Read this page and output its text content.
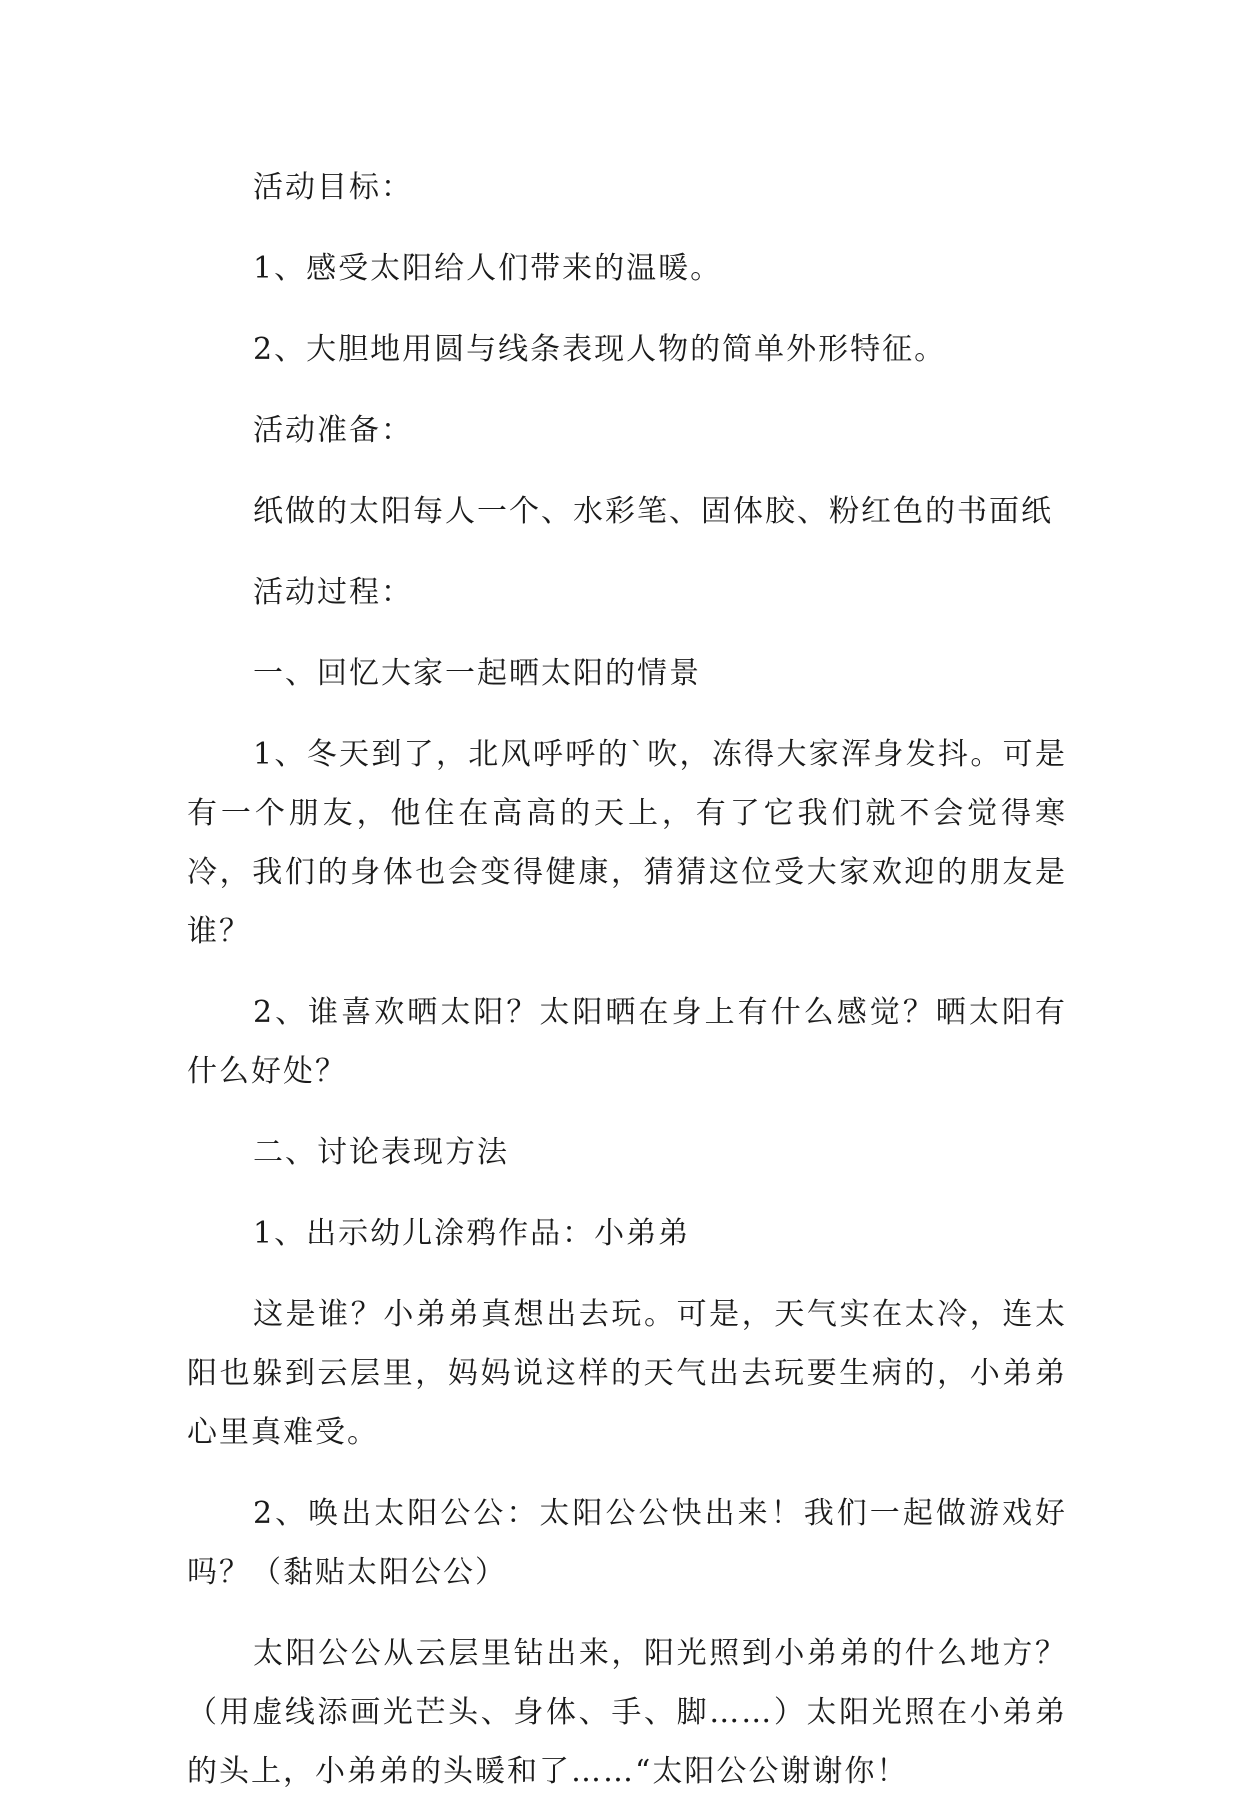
活动目标：

1、感受太阳给人们带来的温暖。

2、大胆地用圆与线条表现人物的简单外形特征。

活动准备：

纸做的太阳每人一个、水彩笔、固体胶、粉红色的书面纸

活动过程：

一、回忆大家一起晒太阳的情景

1、冬天到了，北风呼呼的`吹，冻得大家浑身发抖。可是有一个朋友，他住在高高的天上，有了它我们就不会觉得寒冷，我们的身体也会变得健康，猜猜这位受大家欢迎的朋友是谁？

2、谁喜欢晒太阳？太阳晒在身上有什么感觉？晒太阳有什么好处？

二、讨论表现方法

1、出示幼儿涂鸦作品：小弟弟

这是谁？小弟弟真想出去玩。可是，天气实在太冷，连太阳也躲到云层里，妈妈说这样的天气出去玩要生病的，小弟弟心里真难受。

2、唤出太阳公公：太阳公公快出来！我们一起做游戏好吗？（黏贴太阳公公）

太阳公公从云层里钻出来，阳光照到小弟弟的什么地方？（用虚线添画光芒头、身体、手、脚……）太阳光照在小弟弟的头上，小弟弟的头暖和了……“太阳公公谢谢你！
